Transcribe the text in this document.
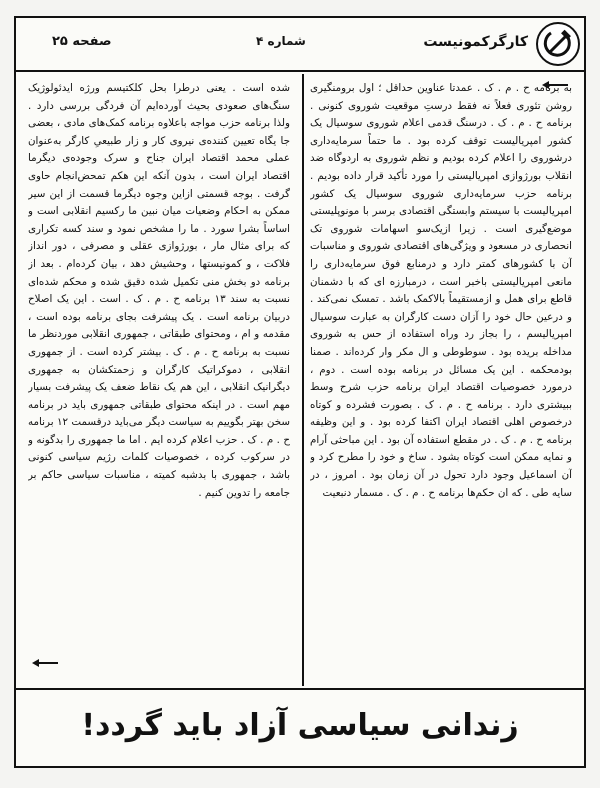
کارگرکمونیست
شماره ۴
صفحه ۲۵

به برنامه ح . م . ک . عمدتا عناوین حداقل ؛ اول برومنگیری روشن تئوری فعلاً نه فقط درستِ موقعیت شوروی کنونی . برنامه ح . م . ک . درسنگ قدمی اعلام شوروی سوسیال یک کشور امپریالیست توقف کرده بود . ما حتماً سرمایه‌داری درشوروی را اعلام کرده بودیم و نظم شوروی به اردوگاه ضد انقلاب بورژوازی امپریالیستی را مورد تأکید قرار داده بودیم . برنامه حزب سرمایه‌داری شوروی سوسیال یک کشور امپریالیست با سیستم وابستگی اقتصادی برسر با مونوپلیستی موضع‌گیری است . زیرا ازیک‌سو اسهامات شوروی تک انحصاری در مسعود و ویژگی‌های اقتصادی شوروی و مناسبات آن با کشورهای کمتر دارد و درمنابع فوق سرمایه‌داری را مانعی امپریالیستی باخبر است ، درمبارزه ای که با دشمنان قاطع برای همل و ازمستقیماً بالاکمک باشد . تمسک‌ نمی‌کند . و درعین حال خود را آزان دست کارگران به عبارت سوسیال امپریالیسم ، را بجاز رد وراه استفاده از حس به شوروی مداخله بریده بود . سوطوطی و ال مکر وار کرده‌اند . صمنا بودمحکمه . این یک مسائل در برنامه بوده است . دوم ، درمورد خصوصیات اقتصاد ایران برنامه حزب شرح وسط ببیشتری دارد . برنامه ح . م . ک . بصورت فشرده و کوتاه درخصوص اهلی اقتصاد ایران اکتفا کرده بود . و این وظیفه برنامه ح . م . ک . در مقطع استفاده آن بود . این مباحثی آرام و نمایه ممکن است کوتاه بشود . ساخ و خود را مطرح کرد و آن اسماعیل وجود دارد تحول در آن زمان بود . امروز ، در سایه طی . که ان حکم‌ها برنامه ح . م . ک . مسمار دنبعیت

شده است . یعنی درطرا بحل کلکتیسم ورژه ایدئولوژیک سنگ‌های صعودی بحیث آورده‌ایم آن فردگی بررسی دارد . ولذا برنامه حزب مواجه باعلاوه برنامه کمک‌های مادی ، بعضی جا یگاه تعیین کننده‌ی نیروی کار و زار طبیعیِ کارگر به‌عنوان عملی محمد اقتصاد ایران جناح و سرک وجوده‌ی دیگرما اقتصاد ایران است ، بدون آنکه این هکم تمحض‌انجام حاوی گرفت . بوجه قسمتی ازاین وجوه دیگرما قسمت از این سیر ممکن به احکام وضعیات میان نبین ما رکسیم انقلابی است و اساساً بشرا سورد . ما را مشخص نمود و سند کسه تکراری که برای مثال مار ، بورژوازی عقلی و مصرفی ، دور انداز فلاکت ، و کمونیستها ، وحشیش دهد ، بیان کرده‌ام . بعد از برنامه دو بخش منی تکمیل شده دقیق شده و محکم شده‌ای نسبت به سند ۱۳ برنامه ح . م . ک . است . این یک اصلاح دربیان برنامه است . یک پیشرفت بجای برنامه بوده است ، مقدمه و ام ، ومحتوای طبقاتی ، جمهوری انقلابی موردنظر ما نسبت به برنامه ح . م . ک . بیشتر کرده است . از جمهوری انقلابی ، دموکراتیک کارگران و زحمتکشان به جمهوری دیگرانیک انقلابی ، این هم یک نقاط ضعف یک پیشرفت بسیار مهم است . در اینکه محتوای طبقاتی جمهوری باید در برنامه سخن بهتر بگوییم به سیاست دیگر می‌باید درقسمت ۱۲ برنامه ح . م . ک . حزب اعلام کرده ایم . اما ما جمهوری را بدگونه و در سرکوب کرده ، خصوصیات کلمات رژیم سیاسی کنونی باشد ، جمهوری با بدشبه کمیته ، مناسبات سیاسی حاکم بر جامعه را تدوین کنیم .

زندانی سیاسی آزاد باید گردد!
